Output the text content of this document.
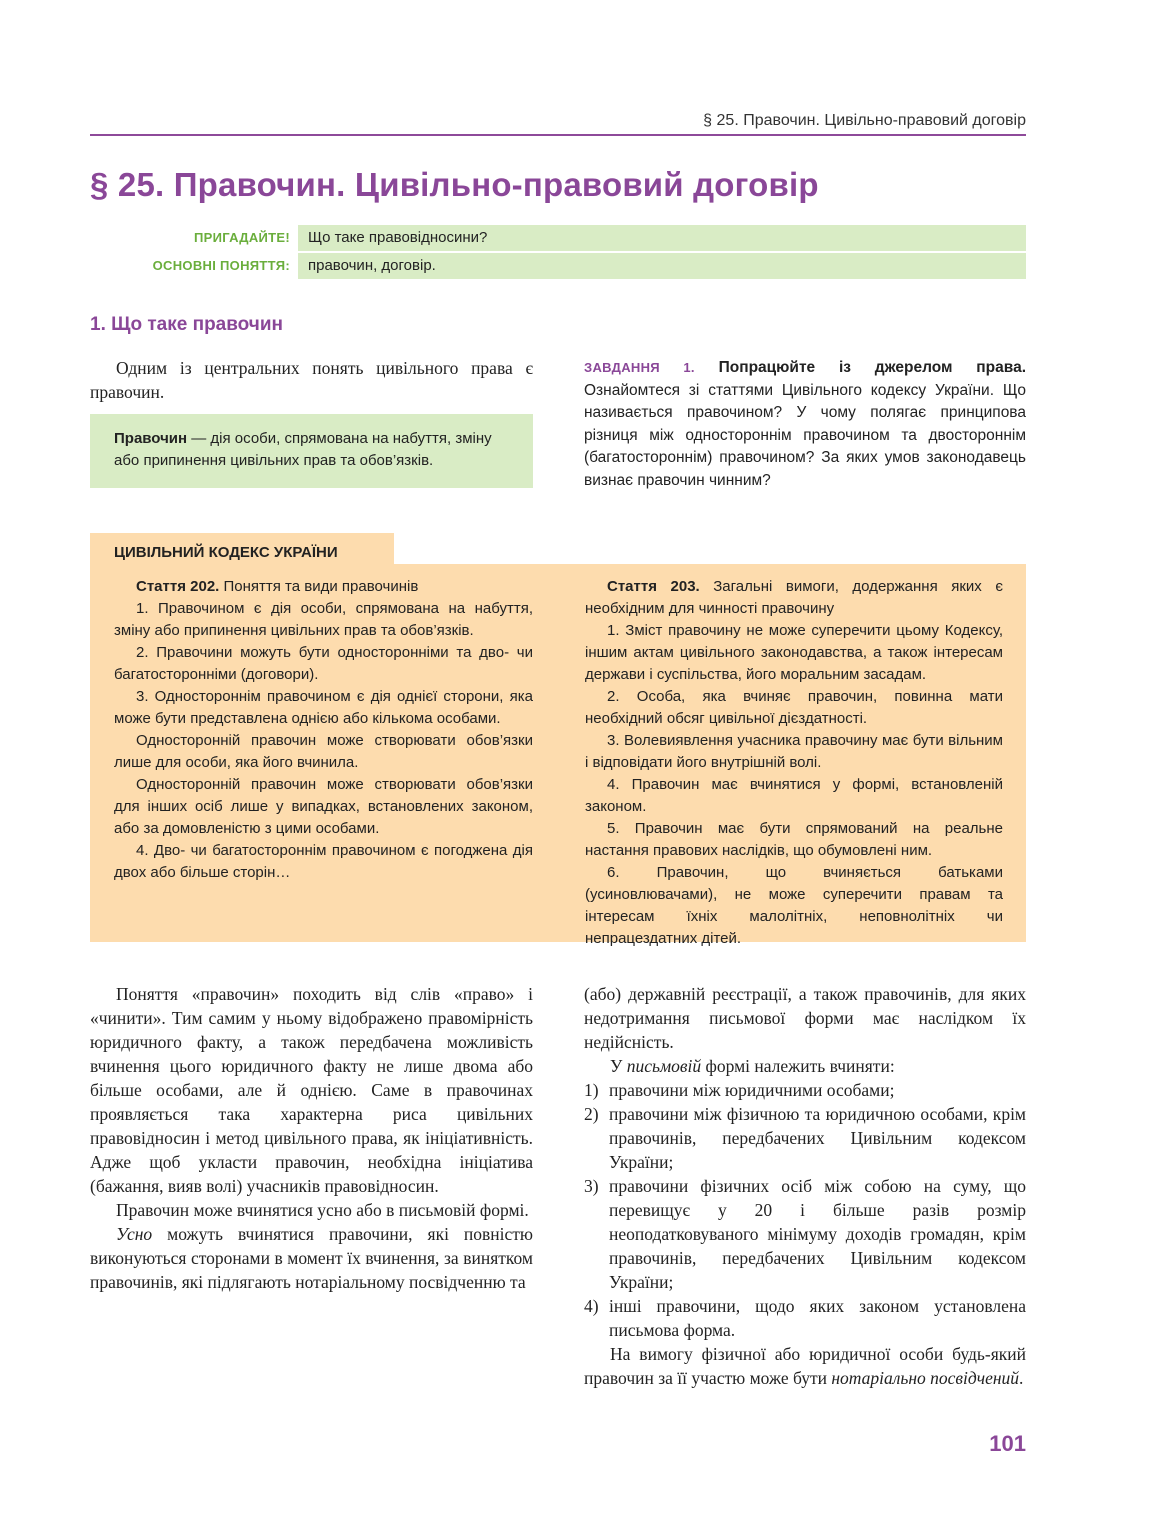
§ 25. Правочин. Цивільно-правовий договір
§ 25. Правочин. Цивільно-правовий договір
ПРИГАДАЙТЕ!	Що таке правовідносини?
ОСНОВНІ ПОНЯТТЯ:	правочин, договір.
1. Що таке правочин
Одним із центральних понять цивільного права є правочин.
Правочин — дія особи, спрямована на набуття, зміну або припинення цивільних прав та обов’язків.
ЗАВДАННЯ 1. Попрацюйте із джерелом права. Ознайомтеся зі статтями Цивільного кодексу України. Що називається правочином? У чому полягає принципова різниця між одностороннім правочином та двостороннім (багатостороннім) правочином? За яких умов законодавець визнає правочин чинним?
ЦИВІЛЬНИЙ КОДЕКС УКРАЇНИ

Стаття 202. Поняття та види правочинів

1. Правочином є дія особи, спрямована на набуття, зміну або припинення цивільних прав та обов’язків.

2. Правочини можуть бути односторонніми та дво- чи багатосторонніми (договори).

3. Одностороннім правочином є дія однієї сторони, яка може бути представлена однією або кількома особами.

Односторонній правочин може створювати обов’язки лише для особи, яка його вчинила.

Односторонній правочин може створювати обов’язки для інших осіб лише у випадках, встановлених законом, або за домовленістю з цими особами.

4. Дво- чи багатостороннім правочином є погоджена дія двох або більше сторін…

Стаття 203. Загальні вимоги, додержання яких є необхідним для чинності правочину

1. Зміст правочину не може суперечити цьому Кодексу, іншим актам цивільного законодавства, а також інтересам держави і суспільства, його моральним засадам.

2. Особа, яка вчиняє правочин, повинна мати необхідний обсяг цивільної дієздатності.

3. Волевиявлення учасника правочину має бути вільним і відповідати його внутрішній волі.

4. Правочин має вчинятися у формі, встановленій законом.

5. Правочин має бути спрямований на реальне настання правових наслідків, що обумовлені ним.

6. Правочин, що вчиняється батьками (усиновлювачами), не може суперечити правам та інтересам їхніх малолітніх, неповнолітніх чи непрацездатних дітей.

Поняття «правочин» походить від слів «право» і «чинити». Тим самим у ньому відображено правомірність юридичного факту, а також передбачена можливість вчинення цього юридичного факту не лише двома або більше особами, але й однією. Саме в правочинах проявляється така характерна риса цивільних правовідносин і метод цивільного права, як ініціативність. Адже щоб укласти правочин, необхідна ініціатива (бажання, вияв волі) учасників правовідносин.

Правочин може вчинятися усно або в письмовій формі.

Усно можуть вчинятися правочини, які повністю виконуються сторонами в момент їх вчинення, за винятком правочинів, які підлягають нотаріальному посвідченню та

(або) державній реєстрації, а також правочинів, для яких недотримання письмової форми має наслідком їх недійсність.

У письмовій формі належить вчиняти:

1) правочини між юридичними особами;
2) правочини між фізичною та юридичною особами, крім правочинів, передбачених Цивільним кодексом України;
3) правочини фізичних осіб між собою на суму, що перевищує у 20 і більше разів розмір неоподатковуваного мінімуму доходів громадян, крім правочинів, передбачених Цивільним кодексом України;
4) інші правочини, щодо яких законом установлена письмова форма.

На вимогу фізичної або юридичної особи будь-який правочин за її участю може бути нотаріально посвідчений.

101
